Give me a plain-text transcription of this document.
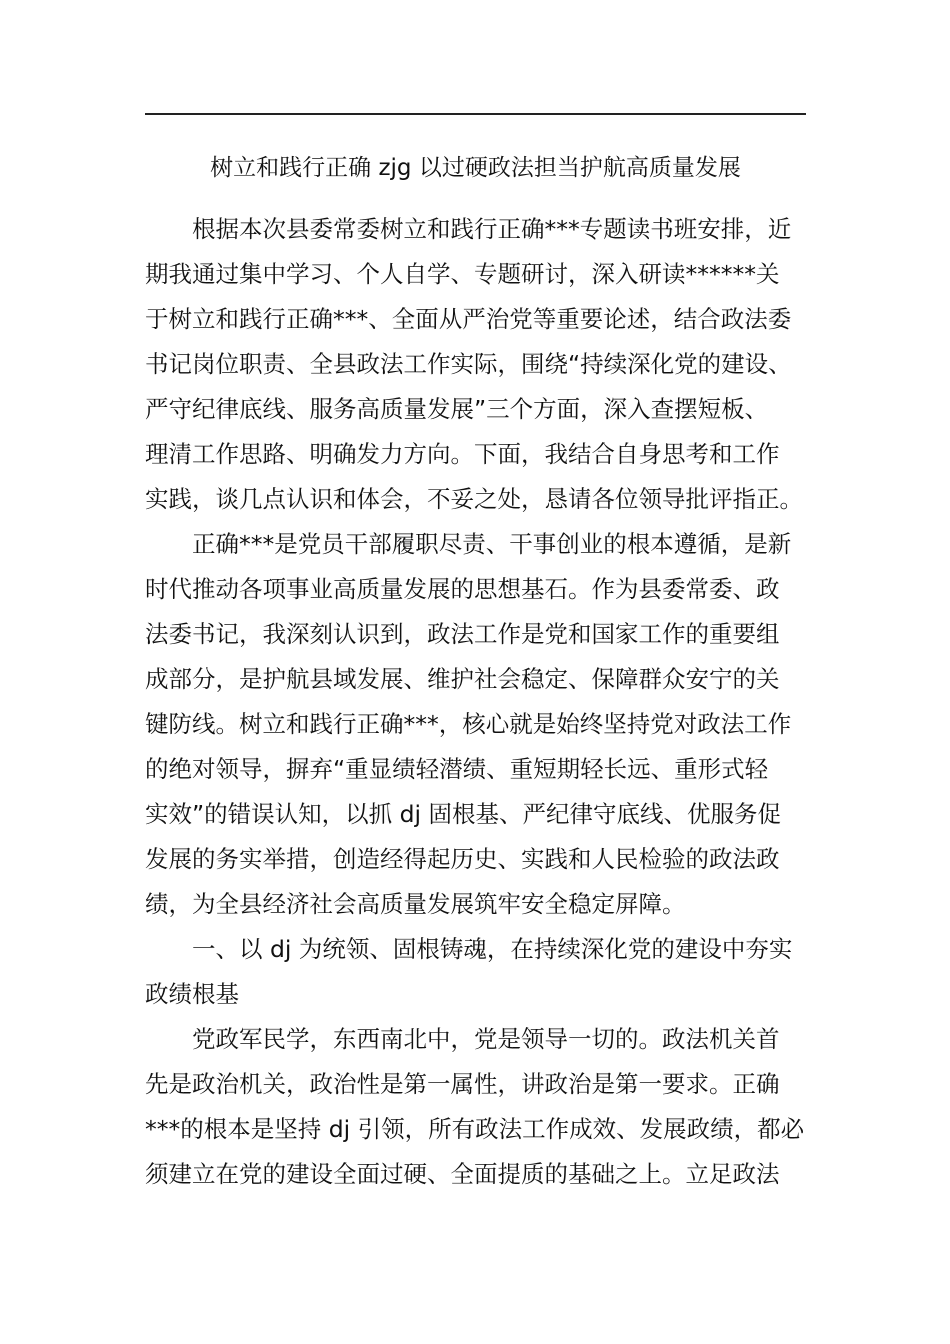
树立和践行正确 zjg 以过硬政法担当护航高质量发展
根据本次县委常委树立和践行正确***专题读书班安排，近
期我通过集中学习、个人自学、专题研讨，深入研读******关
于树立和践行正确***、全面从严治党等重要论述，结合政法委
书记岗位职责、全县政法工作实际，围绕“持续深化党的建设、
严守纪律底线、服务高质量发展”三个方面，深入查摆短板、
理清工作思路、明确发力方向。下面，我结合自身思考和工作
实践，谈几点认识和体会，不妥之处，恳请各位领导批评指正。
正确***是党员干部履职尽责、干事创业的根本遵循，是新
时代推动各项事业高质量发展的思想基石。作为县委常委、政
法委书记，我深刻认识到，政法工作是党和国家工作的重要组
成部分，是护航县域发展、维护社会稳定、保障群众安宁的关
键防线。树立和践行正确***，核心就是始终坚持党对政法工作
的绝对领导，摒弃“重显绩轻潜绩、重短期轻长远、重形式轻
实效”的错误认知，以抓 dj 固根基、严纪律守底线、优服务促
发展的务实举措，创造经得起历史、实践和人民检验的政法政
绩，为全县经济社会高质量发展筑牢安全稳定屏障。
一、以 dj 为统领、固根铸魂，在持续深化党的建设中夯实
政绩根基
党政军民学，东西南北中，党是领导一切的。政法机关首
先是政治机关，政治性是第一属性，讲政治是第一要求。正确
***的根本是坚持 dj 引领，所有政法工作成效、发展政绩，都必
须建立在党的建设全面过硬、全面提质的基础之上。立足政法
